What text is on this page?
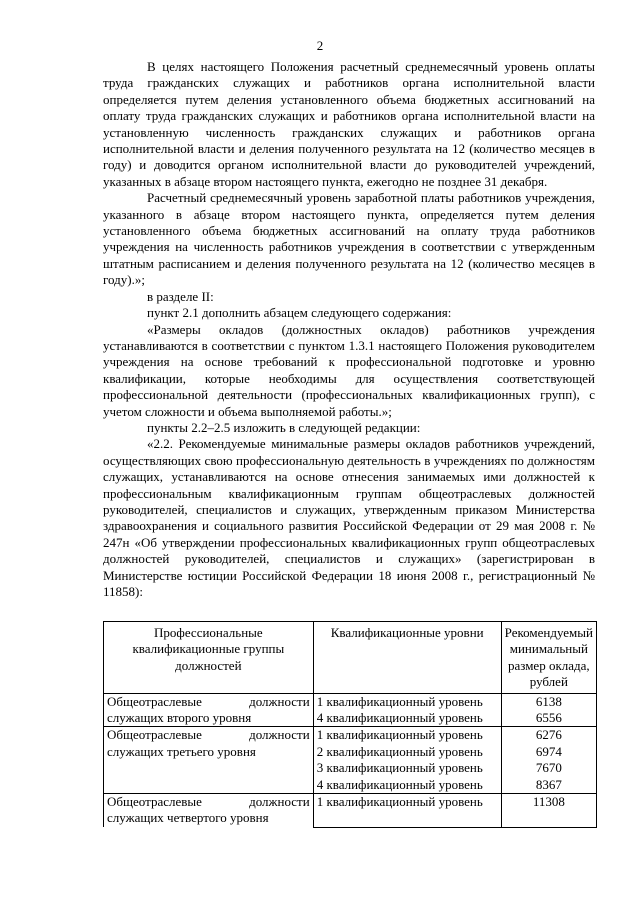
2

В целях настоящего Положения расчетный среднемесячный уровень оплаты труда гражданских служащих и работников органа исполнительной власти определяется путем деления установленного объема бюджетных ассигнований на оплату труда гражданских служащих и работников органа исполнительной власти на установленную численность гражданских служащих и работников органа исполнительной власти и деления полученного результата на 12 (количество месяцев в году) и доводится органом исполнительной власти до руководителей учреждений, указанных в абзаце втором настоящего пункта, ежегодно не позднее 31 декабря.

Расчетный среднемесячный уровень заработной платы работников учреждения, указанного в абзаце втором настоящего пункта, определяется путем деления установленного объема бюджетных ассигнований на оплату труда работников учреждения на численность работников учреждения в соответствии с утвержденным штатным расписанием и деления полученного результата на 12 (количество месяцев в году).»;

в разделе II:

пункт 2.1 дополнить абзацем следующего содержания:

«Размеры окладов (должностных окладов) работников учреждения устанавливаются в соответствии с пунктом 1.3.1 настоящего Положения руководителем учреждения на основе требований к профессиональной подготовке и уровню квалификации, которые необходимы для осуществления соответствующей профессиональной деятельности (профессиональных квалификационных групп), с учетом сложности и объема выполняемой работы.»;

пункты 2.2–2.5 изложить в следующей редакции:

«2.2. Рекомендуемые минимальные размеры окладов работников учреждений, осуществляющих свою профессиональную деятельность в учреждениях по должностям служащих, устанавливаются на основе отнесения занимаемых ими должностей к профессиональным квалификационным группам общеотраслевых должностей руководителей, специалистов и служащих, утвержденным приказом Министерства здравоохранения и социального развития Российской Федерации от 29 мая 2008 г. № 247н «Об утверждении профессиональных квалификационных групп общеотраслевых должностей руководителей, специалистов и служащих» (зарегистрирован в Министерстве юстиции Российской Федерации 18 июня 2008 г., регистрационный № 11858):

Профессиональные квалификационные группы должностей	Квалификационные уровни	Рекомендуемый минимальный размер оклада, рублей
Общеотраслевые должности служащих второго уровня	1 квалификационный уровень	6138
	4 квалификационный уровень	6556
Общеотраслевые должности служащих третьего уровня	1 квалификационный уровень	6276
	2 квалификационный уровень	6974
	3 квалификационный уровень	7670
	4 квалификационный уровень	8367
Общеотраслевые должности служащих четвертого уровня	1 квалификационный уровень	11308
